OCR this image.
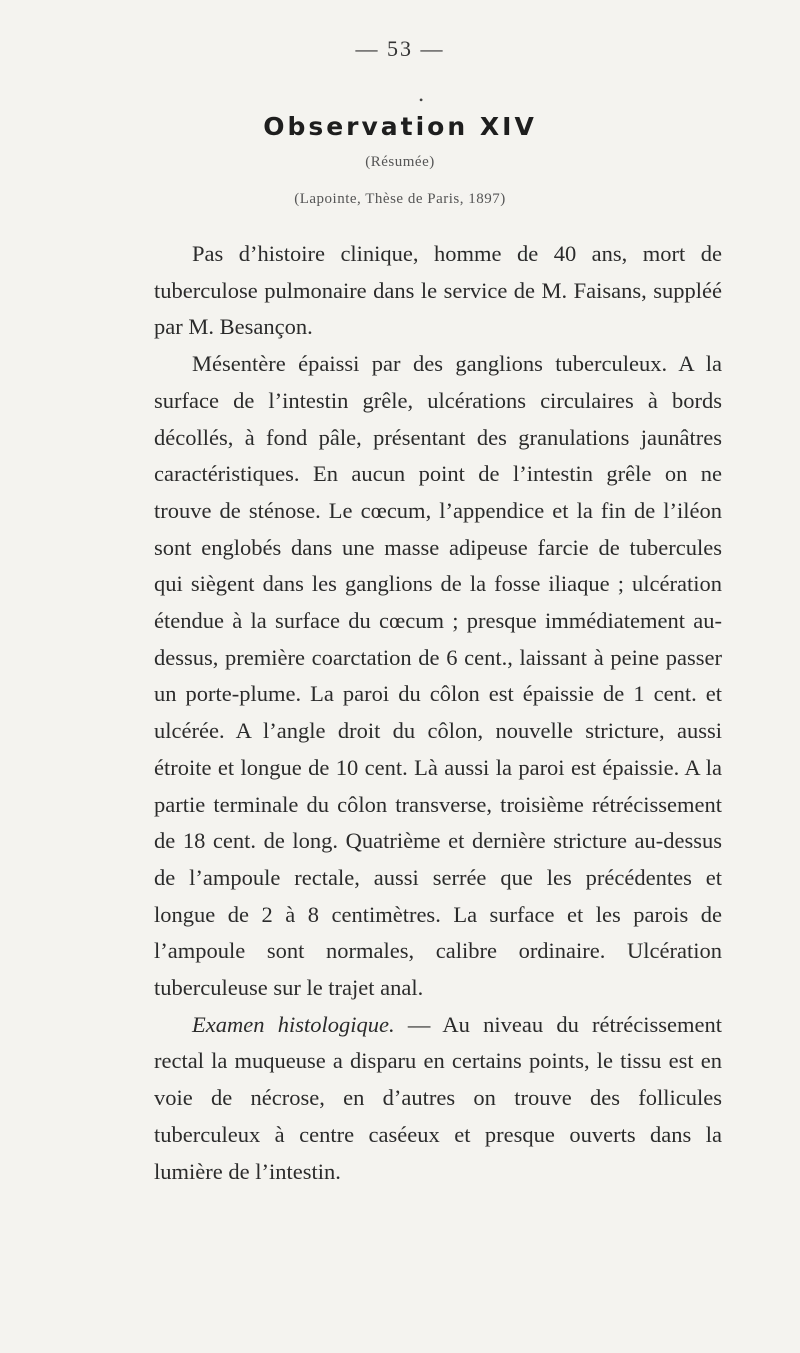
— 53 —
•
Observation XIV
(Résumée)
(Lapointe, Thèse de Paris, 1897)

Pas d’histoire clinique, homme de 40 ans, mort de tuberculose pulmonaire dans le service de M. Faisans, suppléé par M. Besançon.

Mésentère épaissi par des ganglions tuberculeux. A la surface de l’intestin grêle, ulcérations circulaires à bords décollés, à fond pâle, présentant des granulations jaunâtres caractéristiques. En aucun point de l’intestin grêle on ne trouve de sténose. Le cœcum, l’appendice et la fin de l’iléon sont englobés dans une masse adipeuse farcie de tubercules qui siègent dans les ganglions de la fosse iliaque ; ulcération étendue à la surface du cœcum ; presque immédiatement au-dessus, première coarctation de 6 cent., laissant à peine passer un porte-plume. La paroi du côlon est épaissie de 1 cent. et ulcérée. A l’angle droit du côlon, nouvelle stricture, aussi étroite et longue de 10 cent. Là aussi la paroi est épaissie. A la partie terminale du côlon transverse, troisième rétrécissement de 18 cent. de long. Quatrième et dernière stricture au-dessus de l’ampoule rectale, aussi serrée que les précédentes et longue de 2 à 8 centimètres. La surface et les parois de l’ampoule sont normales, calibre ordinaire. Ulcération tuberculeuse sur le trajet anal.

Examen histologique. — Au niveau du rétrécissement rectal la muqueuse a disparu en certains points, le tissu est en voie de nécrose, en d’autres on trouve des follicules tuberculeux à centre caséeux et presque ouverts dans la lumière de l’intestin.
